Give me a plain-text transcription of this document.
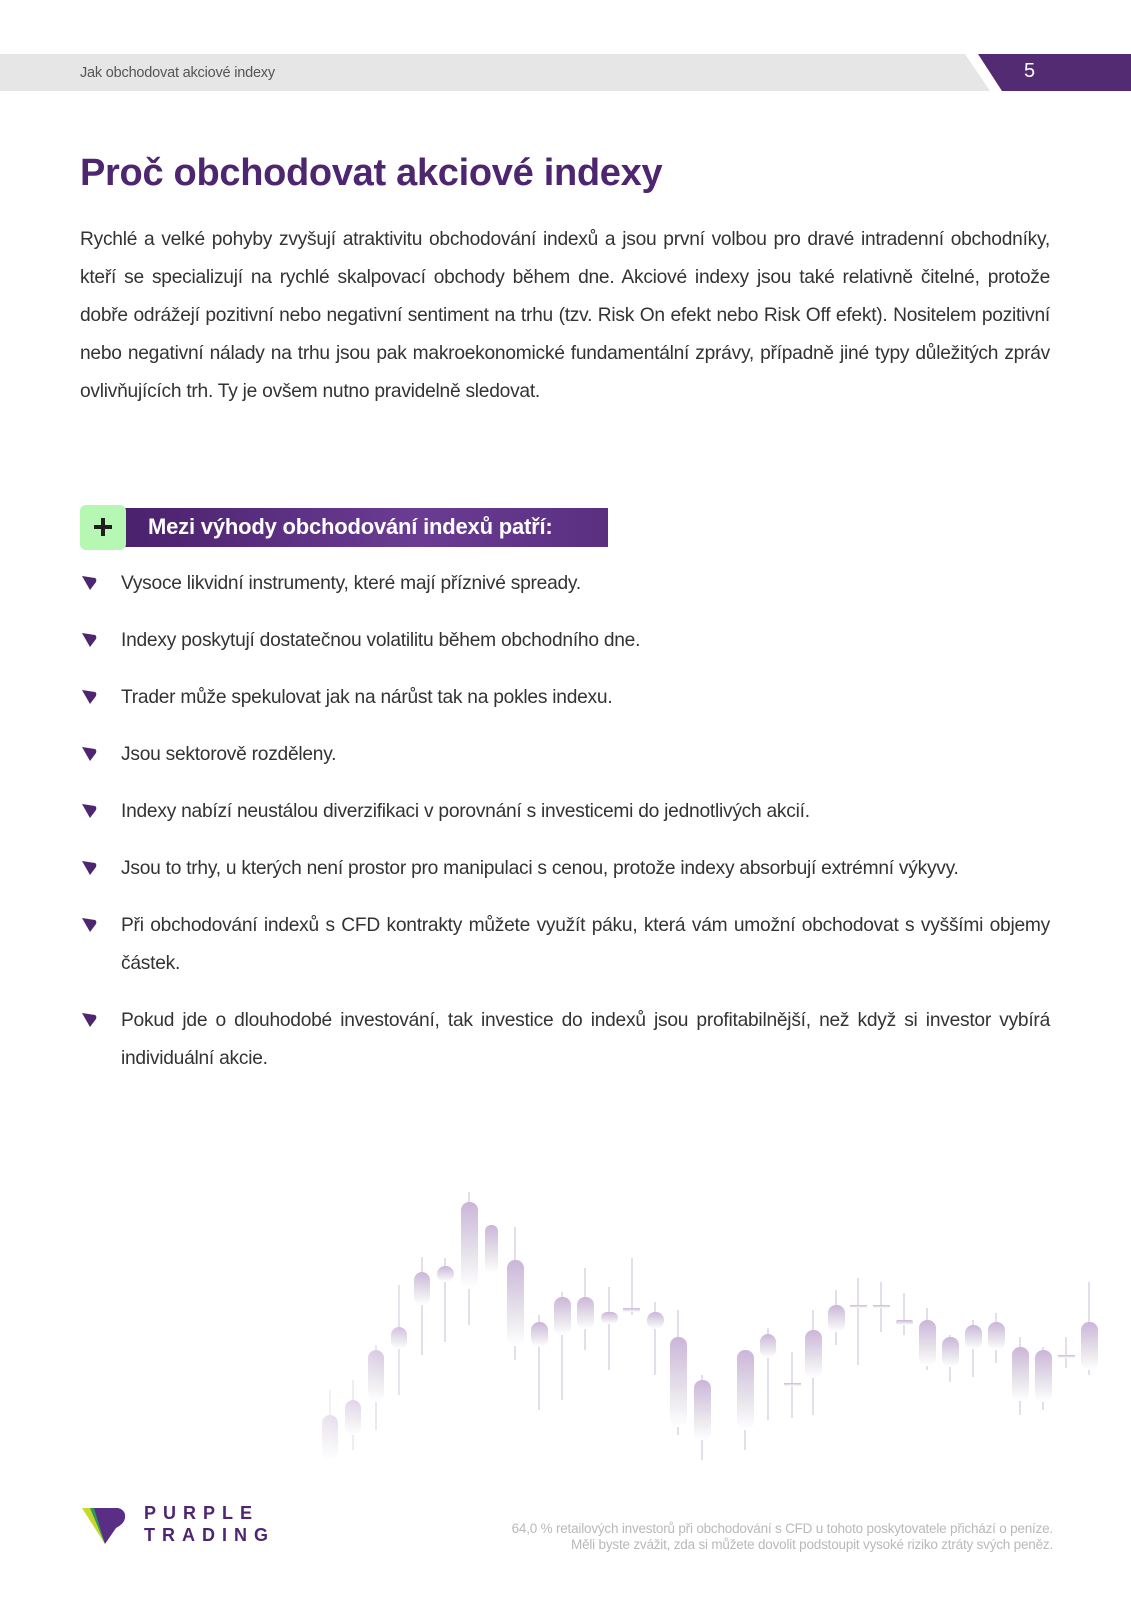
Jak obchodovat akciové indexy	5
Proč obchodovat akciové indexy

Rychlé a velké pohyby zvyšují atraktivitu obchodování indexů a jsou první volbou pro dravé intradenní obchodníky, kteří se specializují na rychlé skalpovací obchody během dne. Akciové indexy jsou také relativně čitelné, protože dobře odrážejí pozitivní nebo negativní sentiment na trhu (tzv. Risk On efekt nebo Risk Off efekt). Nositelem pozitivní nebo negativní nálady na trhu jsou pak makroekonomické fundamentální zprávy, případně jiné typy důležitých zpráv ovlivňujících trh. Ty je ovšem nutno pravidelně sledovat.

Mezi výhody obchodování indexů patří:
Vysoce likvidní instrumenty, které mají příznivé spready.
Indexy poskytují dostatečnou volatilitu během obchodního dne.
Trader může spekulovat jak na nárůst tak na pokles indexu.
Jsou sektorově rozděleny.
Indexy nabízí neustálou diverzifikaci v porovnání s investicemi do jednotlivých akcií.
Jsou to trhy, u kterých není prostor pro manipulaci s cenou, protože indexy absorbují extrémní výkyvy.
Při obchodování indexů s CFD kontrakty můžete využít páku, která vám umožní obchodovat s vyššími objemy částek.
Pokud jde o dlouhodobé investování, tak investice do indexů jsou profitabilnější, než když si investor vybírá individuální akcie.
PURPLE
TRADING	64,0 % retailových investorů při obchodování s CFD u tohoto poskytovatele přichází o peníze.
Měli byste zvážit, zda si můžete dovolit podstoupit vysoké riziko ztráty svých peněz.
